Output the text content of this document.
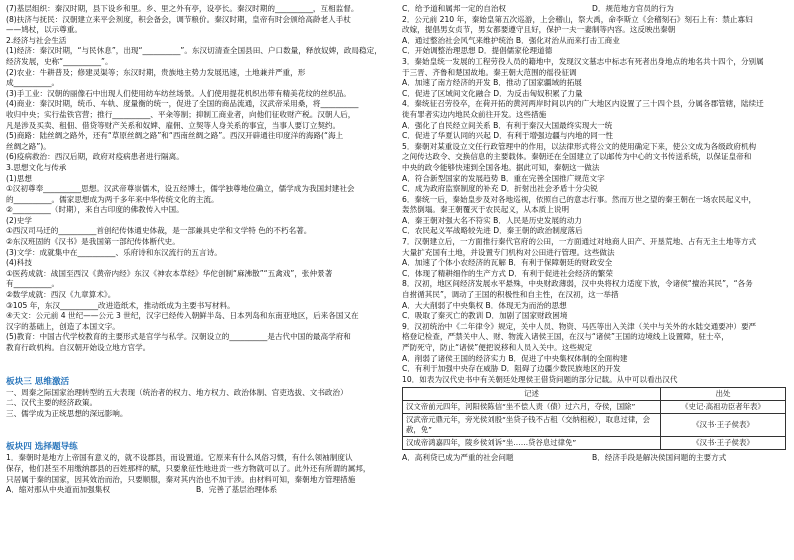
(7)基层组织：秦汉时期，县下设乡和里。乡、里之外有亭，设亭长。秦汉时期的__________，互相监督。
(8)扶济与抚民：汉朝建立来平会剂度，积会备会，调节粮价。秦汉时期，皇帝有时会颁给高龄老人手杖
——鸠杖，以示尊重。
2.经济与社会生活
(1)经济：秦汉时期，“与民休息”，出现“__________”。东汉切清查全国县田、户口数量，释放奴婢，政局稳定，
经济发展，史称“__________”。
(2)农业：牛耕普及；修建灵渠等；东汉时期，贵族地主势力发展迅速，土地兼并严重，形
成__________。
(3)手工业：汉朝的丽像石中出现人们使用纺车纺丝场景。人们使用提花机织出带有精美花纹的丝织品。
(4)商业：秦汉时期，统币、车轨、度量衡的统一，促进了全国的商品流通，汉武帝采用桑，将__________
收归中央；实行盐铁官营；推行__________、平籴等制；抑制工商业者，向他们征收财产税。汉朝人后，
凡是涉及买卖、租佃、借贷等财产关系和奴婢、雇佣、立契等人身关系的事宜，当事人要订立契约。
(5)商路：陆丝绸之路外，还有“草原丝绸之路”和“西南丝绸之路”。西汉开辟通往印度洋的海路(“海上
丝绸之路”)。
(6)疫病救治：西汉后期，政府对疫病患者进行隔离。
3.思想文化与传承
(1)思想
①汉初尊奉__________思想。汉武帝尊崇儒术，设五经博士，儒学独尊地位确立，儒学成为我国封建社会
的__________。儒家思想成为两千多年来中华传统文化的主流。
②__________（时期），来自古印度的佛教传入中国。
(2)史学
①西汉司马迁的__________首创纪传体通史体裁，是一部兼具史学和文学特 色的不朽名著。
②东汉班固的《汉书》是我国第一部纪传体断代史。
(3)文学：成就集中在__________、乐府诗和东汉流行的五言诗。
(4)科技
①医药成就：战国至西汉《黄帝内经》东汉《神农本草经》华佗创制“麻沸散”“五禽戏”，张仲景著
有__________。
②数学成就：西汉《九章算术》。
③105 年，东汉__________改进造纸术，推动纸成为主要书写材料。
④天文：公元前 4 世纪——公元 3 世纪，汉字已经传入朝鲜半岛、日本列岛和东南亚地区，后来各国又在
汉字的基础上，创造了本国文字。
(5)教育：中国古代学校教育的主要形式是官学与私学。汉朝设立的__________是古代中国的最高学府和
教育行政机构。自汉朝开始设立地方官学。
板块三 思维激活
一、周秦之际国家治理转型的五大表现（统治者的权力、地方权力、政治体制、官吏选拔、文书政治）
二、汉代主要的经济政策。
三、儒学成为正统思想的深远影响。
板块四 选择题导练
1．秦朝时是地方上帝国有意义的，就不设郡县，而设置道。它原来有什么风俗习惯，有什么领袖制度认
保存，他们甚至不用缴纳郡县的百姓那样的赋，只要象征性地进贡一些方物就可以了。此外还有所谓的属邦，
只居属于秦的国家，因其效治而治，只要顺服，秦对其内治也不加干涉。由材料可知，秦朝地方管理措施
A．缩对那从中央道而加强集权	B．完善了基层治理体系
C．给予道和属邦一定的自治权	D．规范地方官员的行为
2．公元前 210 年，秦始皇第五次巡游，上会稽山，祭大禹，命李斯立《会稽刻石》刻石上有：禁止寡妇
改嫁，提倡男女贞节，男女都要遵守且好，保护一夫一妻制等内容。这反映出秦朝
A．通过整治社会风气来维护统治 B．强化对治从而来打击工商业
C．开始调整治理思想 D．提倡儒家伦理道德
3．秦始皇统一发展的工程劳役人员的籍地中，发现汉文墓志中标志有死者出身地点的地名共十四个，分别属
于三晋、齐鲁和楚国故地。秦王朝大范围的徭役征调
A．加速了南方经济的开发 B．推动了国家疆域的拓展
C．促进了区域间文化融合 D．为反击匈奴积累了力量
4．秦统征召劳役卒，在荷开拓的黄河两岸时间以内的广大地区内设置了三十四个县，分属各郡管辖，陆续迁
徙有罪者实边内地民众前往开发。这些措施
A．强化了自民经立间关系 B．有利于秦汉大国最终实现大一统
C．促进了华夏认同的兴起 D．有利于增强边疆与内地的同一性
5．秦朝对某重设立文任行政管理中的作用，以法律形式将公文的使用确定下来，使公文成为各级政府机构
之间传达政令、交换信息的主要载体。秦朝还在全国建立了以邮传为中心的文书传送系统，以保证皇帝和
中央的政令能够快速到全国各地。据此可知，秦朝这一做法
A．符合新型国家的发展趋势 B．重在完善全国推广规范文字
C．成为政府监察制度的补充 D．折射出社会矛盾十分尖锐
6．秦统一后，秦始皇步及对各地巡视，依照自己的意志行事。然而万世之望的秦王朝在一场农民起义中，
轰然倒塌。秦王朝覆灭于农民起义，从本质上说明
A．秦王朝对强大名不符实 B．人民是历史发展的动力
C．农民起义军战略较先进 D．秦王朝的政治制度落后
7．汉朝建立后，一方面推行秦代官府的公田，一方面通过对地商人田产、开垦荒地、占有无主土地等方式
大量扩充国有土地，并设置专门机构对公田进行管理。这些做法
A．加速了个体小农经济的瓦解 B．有利于保障朝廷的财政安全
C．体现了精耕细作的生产方式 D．有利于促进社会经济的繁荣
8．汉初，地区间经济发展水平悬殊，中央财政薄弱，汉中央将权力适度下放，令诸侯“擅治其民”，“各务
自拊循其民”，调动了王国的积极性和自主性，在汉初，这一举措
A．大大削弱了中央集权 B．体现无为而治的思想
C．吸取了秦灭亡的教训 D．加剧了国家财政困境
9．汉初统治中《二年律令》规定，关中人员、物资、马匹等出入关津（关中与关外的水陆交通要冲）要严
格登记检查，严禁关中人、财、物流入诸侯王国，在汉与“诸侯”王国的边境线上设置障，驻士卒，
严防死守，防止“诸侯”便把说移和人员入关中。这些规定
A．削弱了诸侯王国的经济实力 B．促进了中央集权体制的全面构建
C．有利于加强中央存在威胁 D．阻碍了边疆少数民族地区的开发
10．如表为汉代史书中有关朝廷处理侯王借贷问题的部分记载。从中可以看出汉代
记述	出处
汉文帝前元四年，河阳侯陈信“坐不偿人责（债）过六月，夺侯，国除”	《史记·高祖功臣者年表》
汉武帝元鼎元年，旁光侯刘殷“坐贷子钱不占租（交纳租税），取息过律，会赦，免”	《汉书·王子侯表》
汉成帝鸿嘉四年，陵乡侯刘诉“坐……贷谷息过律免”	《汉书·王子侯表》
A．高利贷已成为严重的社会问题	B．经济手段是解决侯国问题的主要方式
